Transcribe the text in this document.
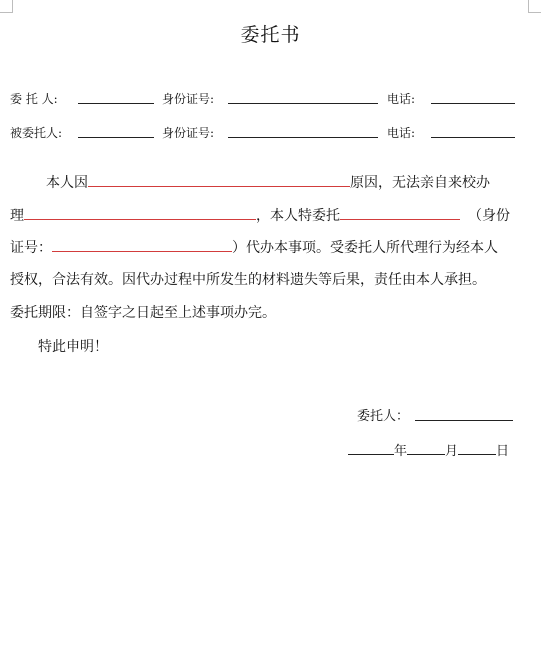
委托书
委 托 人:	身份证号:	电话:
被委托人:	身份证号:	电话:
本人因	原因，无法亲自来校办
理	，本人特委托	（身份
证号：	）代办本事项。受委托人所代理行为经本人
授权，合法有效。因代办过程中所发生的材料遗失等后果，责任由本人承担。
委托期限：自签字之日起至上述事项办完。
特此申明！
委托人：
年	月	日
